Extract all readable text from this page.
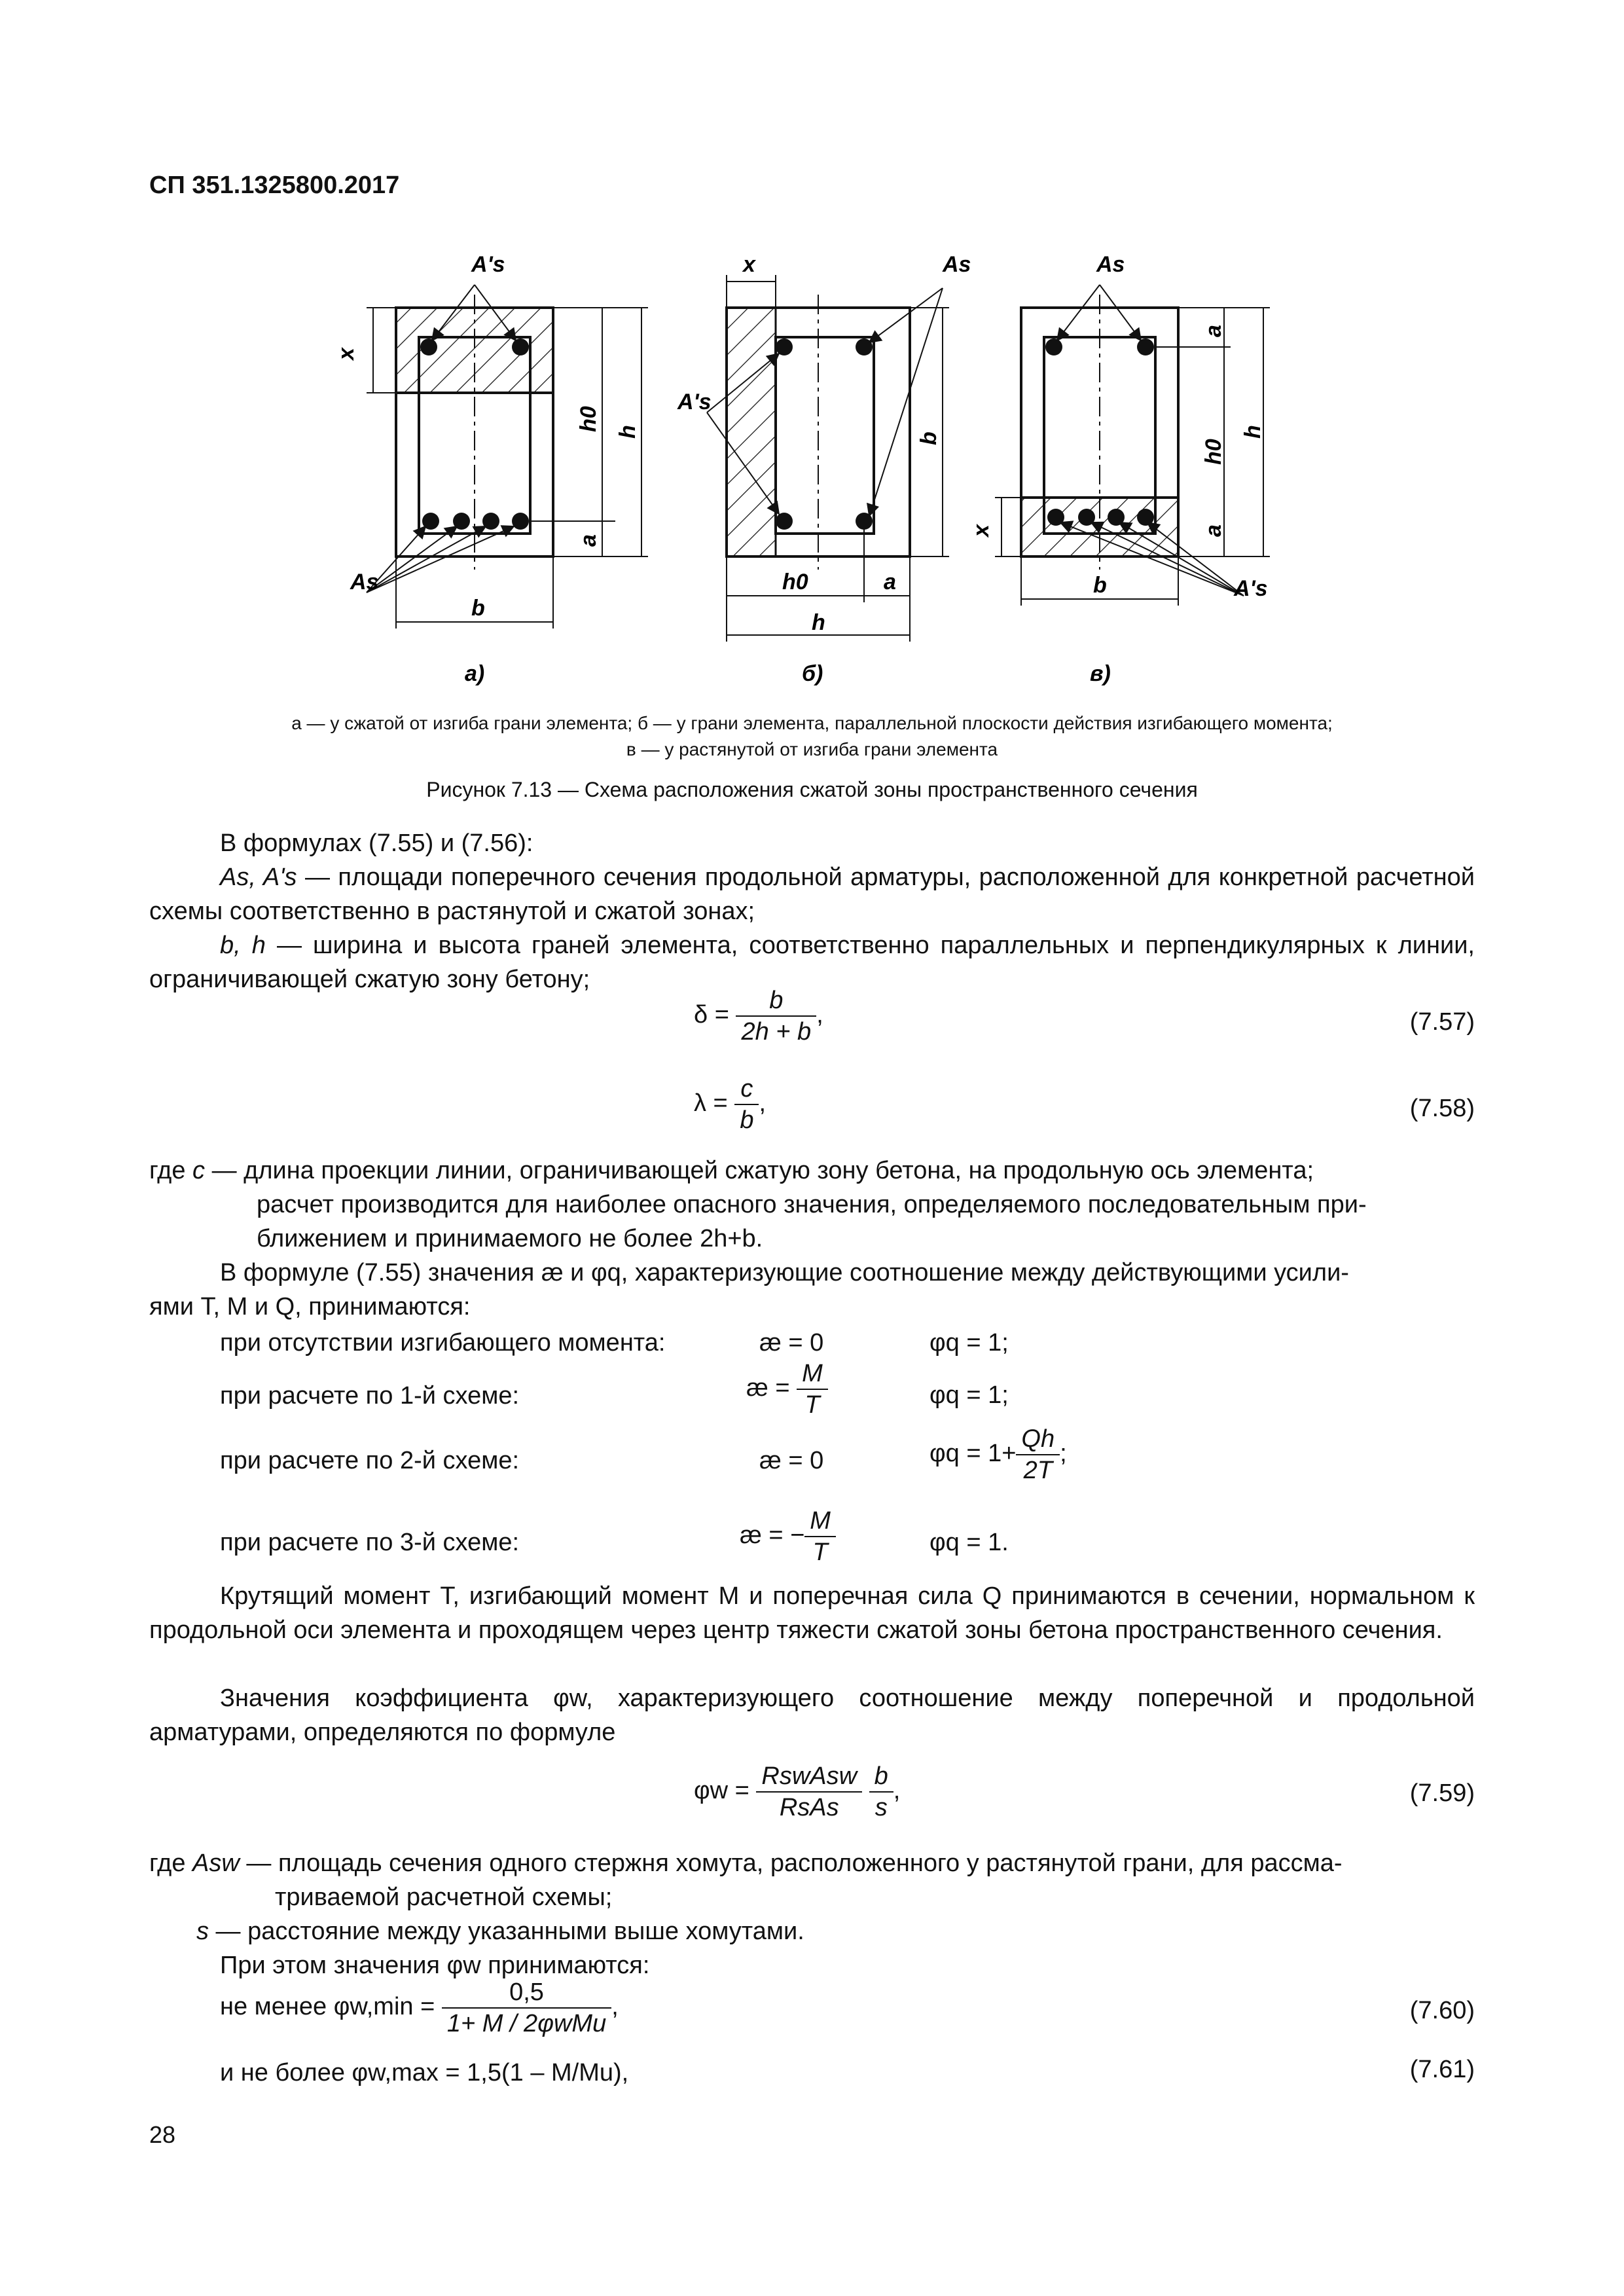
СП 351.1325800.2017
A's
x
h0 h
a
As
b
а)
x	As
A's
b
h0	a
h
б)
As
a
h0
h
a
x
b	A's
в)
а — у сжатой от изгиба грани элемента; б — у грани элемента, параллельной плоскости действия изгибающего момента;
в — у растянутой от изгиба грани элемента
Рисунок 7.13 — Схема расположения сжатой зоны пространственного сечения
В формулах (7.55) и (7.56):
As, A's — площади поперечного сечения продольной арматуры, расположенной для конкретной расчетной схемы соответственно в растянутой и сжатой зонах;
b, h — ширина и высота граней элемента, соответственно параллельных и перпендикулярных к линии, ограничивающей сжатую зону бетону;
$\delta = \frac{b}{2h + b}$ ,	(7.57)
$\lambda = \frac{c}{b}$ ,	(7.58)
где c — длина проекции линии, ограничивающей сжатую зону бетона, на продольную ось элемента;
расчет производится для наиболее опасного значения, определяемого последовательным при-
ближением и принимаемого не более 2h+b.
В формуле (7.55) значения æ и φq, характеризующие соотношение между действующими усили-
ями T, M и Q, принимаются:
при отсутствии изгибающего момента:	æ = 0	φq = 1;
при расчете по 1-й схеме:	æ = $\frac{M}{T}$	φq = 1;
при расчете по 2-й схеме:	æ = 0	$\varphi q = 1+ \frac{Qh}{2T}$ ;
при расчете по 3-й схеме:	æ = − $\frac{M}{T}$	φq = 1.
Крутящий момент T, изгибающий момент M и поперечная сила Q принимаются в сечении, нормальном к продольной оси элемента и проходящем через центр тяжести сжатой зоны бетона пространственного сечения.
Значения коэффициента φw, характеризующего соотношение между поперечной и продольной арматурами, определяются по формуле
$\varphi w = \frac{\text{RswAsw}}{\text{RsAs}}$
$\frac{b}{s}$ ,	(7.59)
где Asw — площадь сечения одного стержня хомута, расположенного у растянутой грани, для рассма-
триваемой расчетной схемы;
s — расстояние между указанными выше хомутами.
При этом значения φw принимаются:
не менее $\varphi w,\min = \frac{0,5}{\text{1+ M / 2φwMu}}$ ,	(7.60)
и не более φw,max = 1,5(1 – M/Mu),	(7.61)
28
